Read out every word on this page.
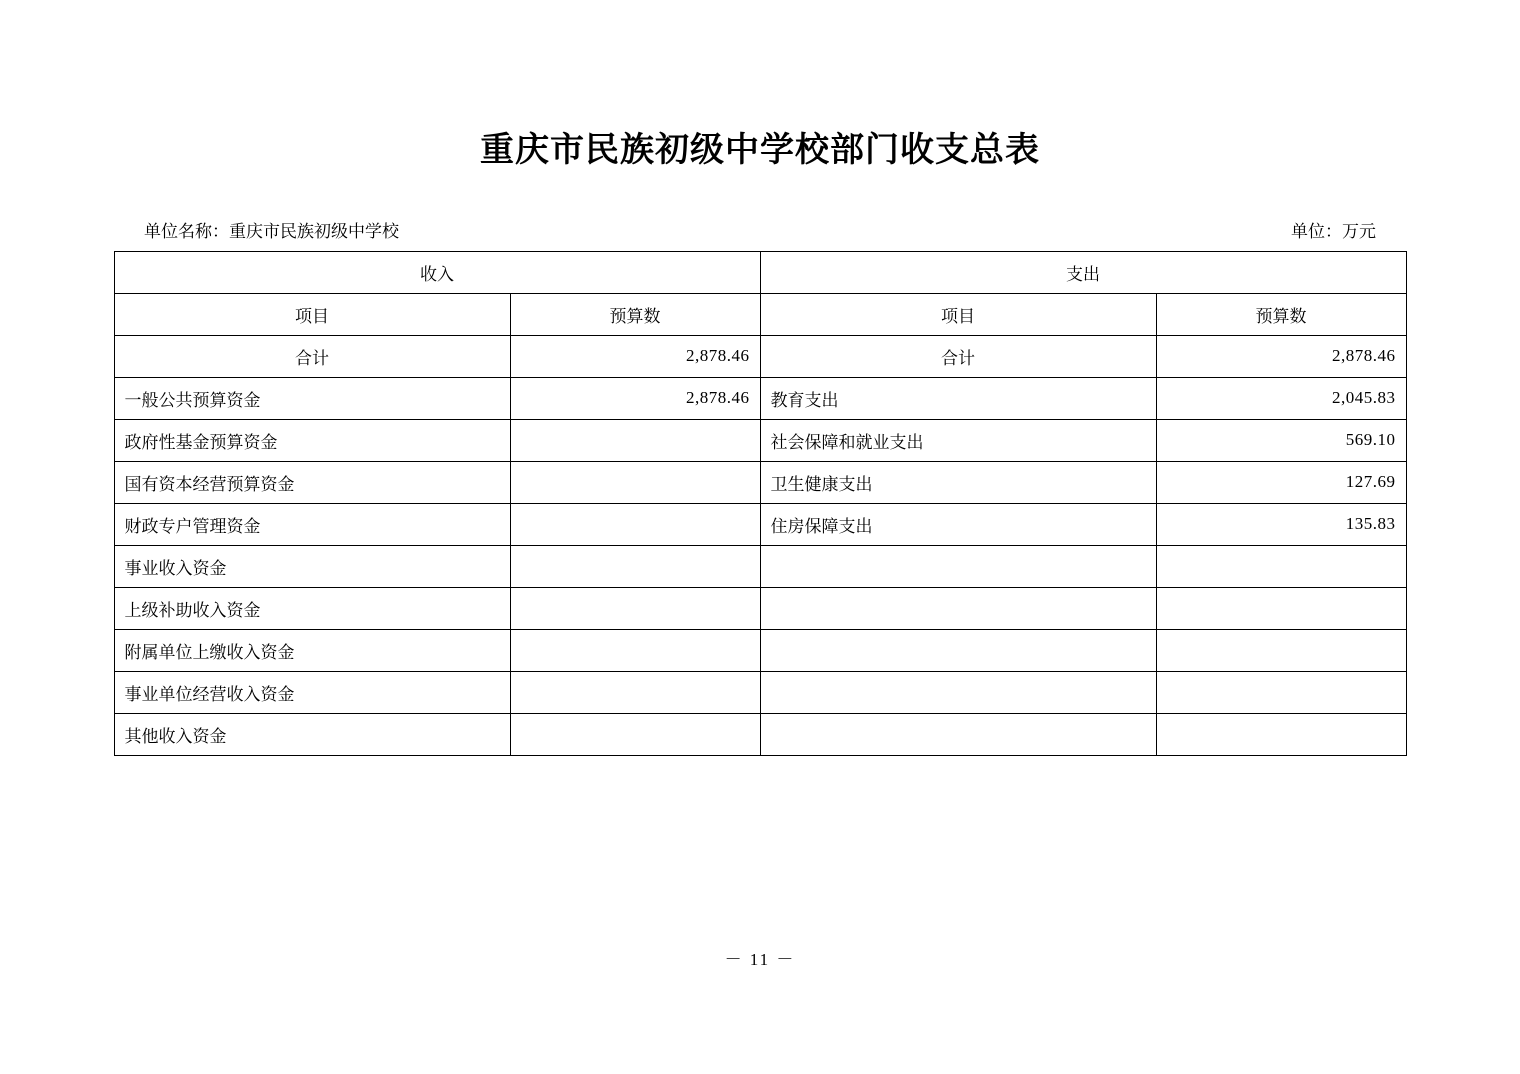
重庆市民族初级中学校部门收支总表
单位名称：重庆市民族初级中学校	单位：万元
收入		支出	
项目	预算数	项目	预算数
合计	2,878.46	合计	2,878.46
一般公共预算资金	2,878.46	教育支出	2,045.83
政府性基金预算资金		社会保障和就业支出	569.10
国有资本经营预算资金		卫生健康支出	127.69
财政专户管理资金		住房保障支出	135.83
事业收入资金			
上级补助收入资金			
附属单位上缴收入资金			
事业单位经营收入资金			
其他收入资金			
－ 11 －
